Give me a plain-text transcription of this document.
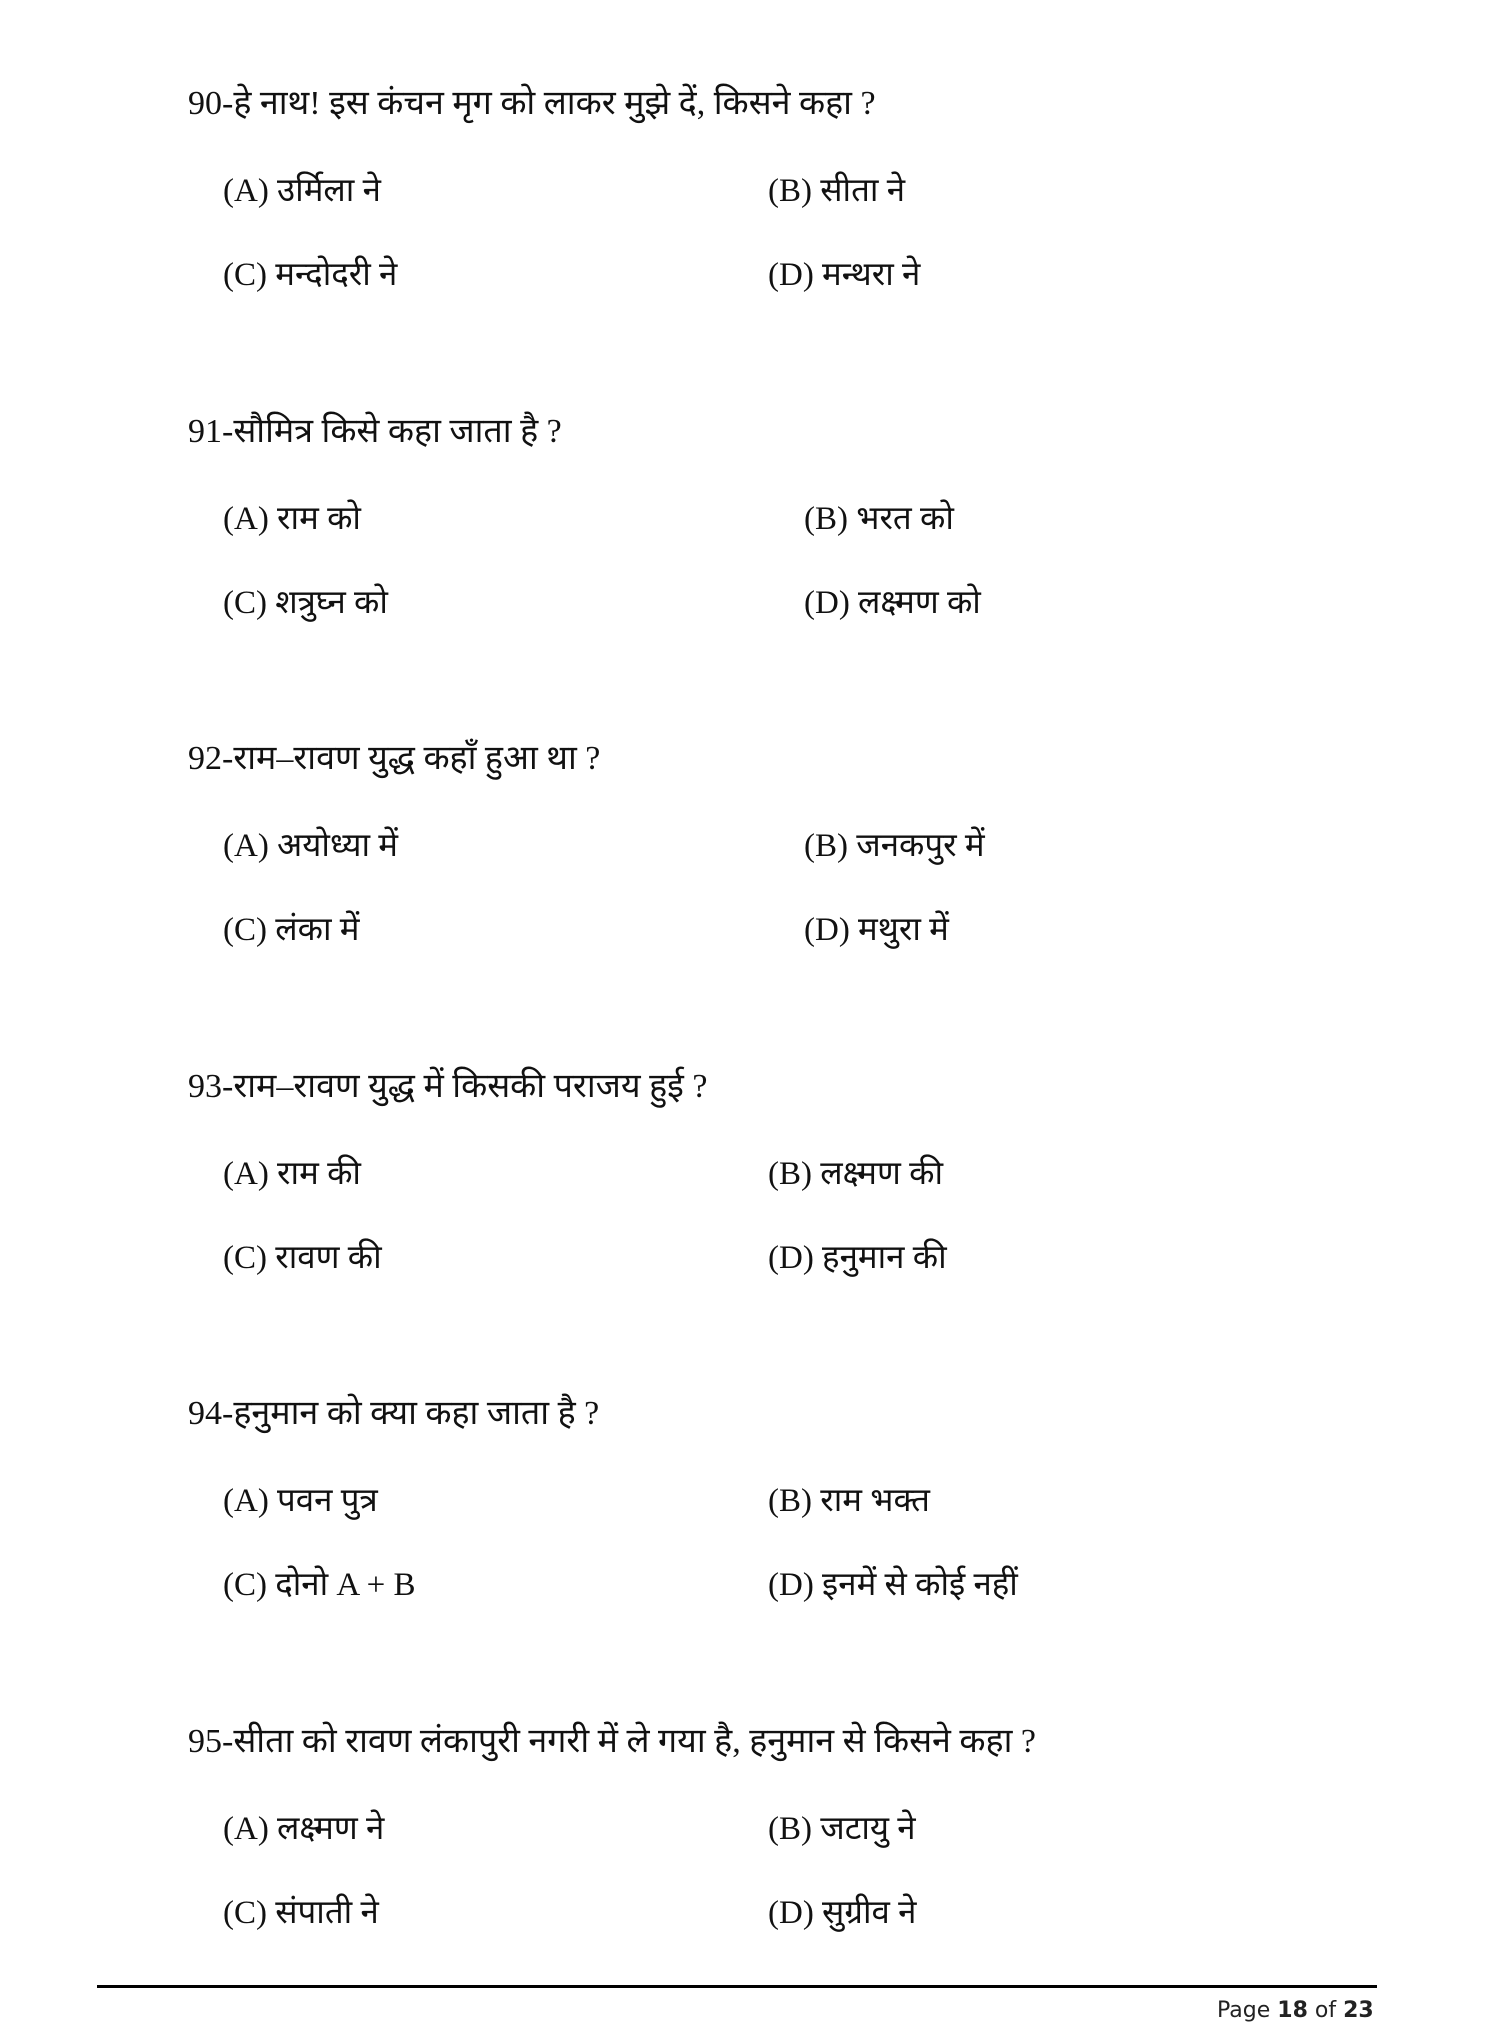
90-हे नाथ! इस कंचन मृग को लाकर मुझे दें, किसने कहा ?
(A) उर्मिला ने	(B) सीता ने
(C) मन्दोदरी ने	(D) मन्थरा ने
91-सौमित्र किसे कहा जाता है ?
(A) राम को	(B) भरत को
(C) शत्रुघ्न को	(D) लक्ष्मण को
92-राम–रावण युद्ध कहाँ हुआ था ?
(A) अयोध्या में	(B) जनकपुर में
(C) लंका में	(D) मथुरा में
93-राम–रावण युद्ध में किसकी पराजय हुई ?
(A) राम की	(B) लक्ष्मण की
(C) रावण की	(D) हनुमान की
94-हनुमान को क्या कहा जाता है ?
(A) पवन पुत्र	(B) राम भक्त
(C) दोनो A + B	(D) इनमें से कोई नहीं
95-सीता को रावण लंकापुरी नगरी में ले गया है, हनुमान से किसने कहा ?
(A) लक्ष्मण ने	(B) जटायु ने
(C) संपाती ने	(D) सुग्रीव ने
Page 18 of 23
